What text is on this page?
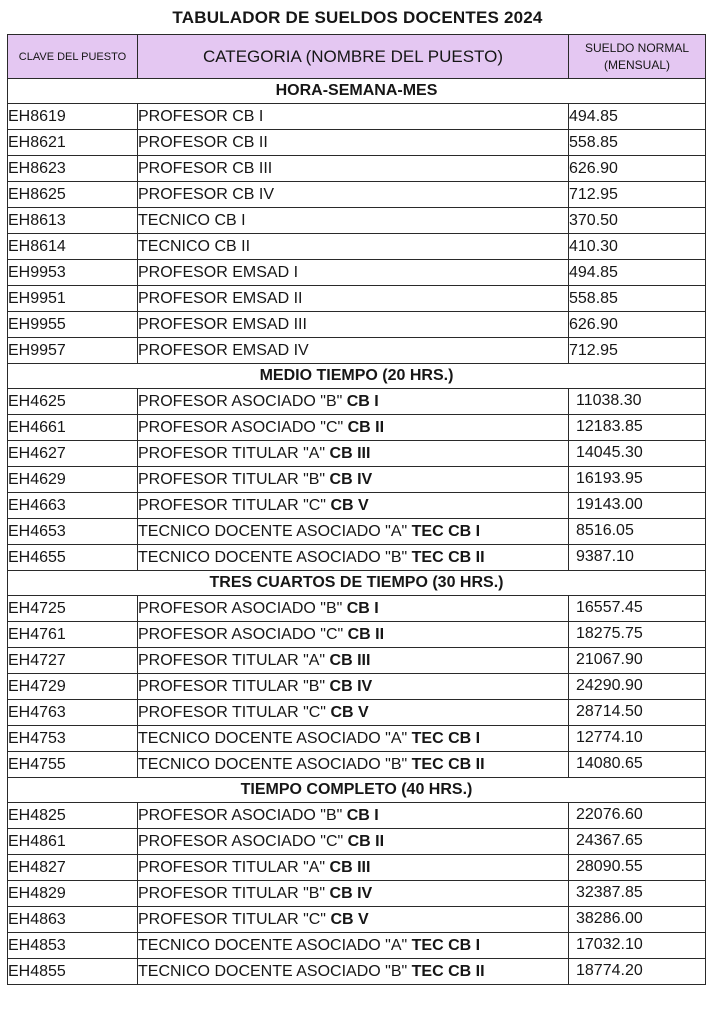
TABULADOR DE SUELDOS DOCENTES 2024
CLAVE DEL PUESTO	CATEGORIA (NOMBRE DEL PUESTO)	SUELDO NORMAL
(MENSUAL)
HORA-SEMANA-MES		
EH8619	PROFESOR CB I	494.85
EH8621	PROFESOR CB II	558.85
EH8623	PROFESOR CB III	626.90
EH8625	PROFESOR CB IV	712.95
EH8613	TECNICO CB I	370.50
EH8614	TECNICO CB II	410.30
EH9953	PROFESOR EMSAD I	494.85
EH9951	PROFESOR EMSAD II	558.85
EH9955	PROFESOR EMSAD III	626.90
EH9957	PROFESOR EMSAD IV	712.95
MEDIO TIEMPO (20 HRS.)		
EH4625	PROFESOR ASOCIADO "B" CB I	11038.30

EH4661	PROFESOR ASOCIADO "C" CB II	12183.85

EH4627	PROFESOR TITULAR "A" CB III	14045.30

EH4629	PROFESOR TITULAR "B" CB IV	16193.95

EH4663	PROFESOR TITULAR "C" CB V	19143.00

EH4653	TECNICO DOCENTE ASOCIADO "A" TEC CB I	8516.05

EH4655	TECNICO DOCENTE ASOCIADO "B" TEC CB II	9387.10

TRES CUARTOS DE TIEMPO (30 HRS.)		
EH4725	PROFESOR ASOCIADO "B" CB I	16557.45

EH4761	PROFESOR ASOCIADO "C" CB II	18275.75

EH4727	PROFESOR TITULAR "A" CB III	21067.90

EH4729	PROFESOR TITULAR "B" CB IV	24290.90

EH4763	PROFESOR TITULAR "C" CB V	28714.50

EH4753	TECNICO DOCENTE ASOCIADO "A" TEC CB I	12774.10

EH4755	TECNICO DOCENTE ASOCIADO "B" TEC CB II	14080.65

TIEMPO COMPLETO (40 HRS.)		
EH4825	PROFESOR ASOCIADO "B" CB I	22076.60

EH4861	PROFESOR ASOCIADO "C" CB II	24367.65

EH4827	PROFESOR TITULAR "A" CB III	28090.55

EH4829	PROFESOR TITULAR "B" CB IV	32387.85

EH4863	PROFESOR TITULAR "C" CB V	38286.00

EH4853	TECNICO DOCENTE ASOCIADO "A" TEC CB I	17032.10

EH4855	TECNICO DOCENTE ASOCIADO "B" TEC CB II	18774.20
